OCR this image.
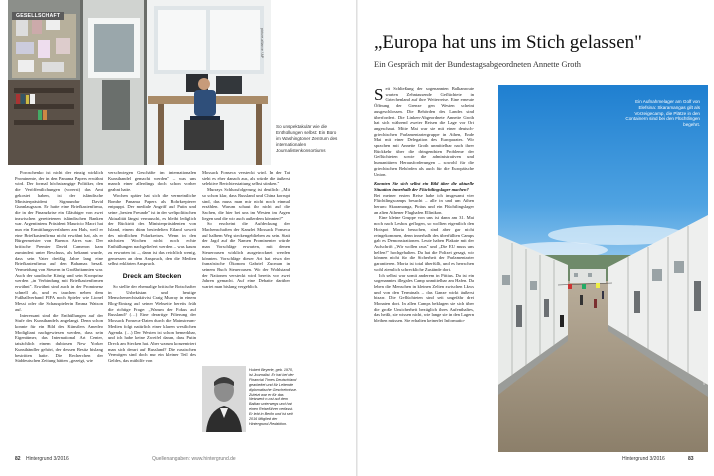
GESELLSCHAFT
picture-alliance / AP
So unspektakulär wie die Enthüllungen selbst: Ein Büro im Washingtoner Zentrum des internationalen Journalistenkonsortiums

Poroschenko ist nicht der einzig wirklich Prominente, der in den Panama Papers erwähnt wird. Der formal höchstrangige Politiker, den die Veröffentlichungen (vorerst) das Amt gekostet haben, ist der isländische Ministerpräsident Sigmundur David Gunnlaugsson. Er hatte eine Briefkastenfirma, die in der Finanzkrise ein Gläubiger von zwei inzwischen gerettetenen isländischen Banken war. Argentiniens Präsident Mauricio Macri hat nun ein Ermittlungsverfahren am Hals, weil er eine Briefkastenfirma nicht erwähnt hat, als er Bürgermeister von Buenos Aires war. Der britische Premier David Cameron kam zumindest unter Beschuss, als bekannt wurde, dass sein Vater dreißig Jahre lang eine Briefkastenfirma auf den Bahamas besaß. Vermeidung von Steuern in Großbritannien war. Auch der saudische König und sein Kronprinz werden „in Verbindung mit Briefkastenfirmen erwähnt". Erwähnt sind auch in der Prominenz schnell ab, und es tauchen neben dem Fußballverband FIFA noch Spieler wie Lionel Messi oder die Schauspielerin Emma Watson auf.

Interessant sind die Enthüllungen auf der Stufe des Kunsthandels angelangt. Denn schon konnte für ein Bild des Künstlers Amedeo Modigliani nachgewiesen werden, dass sein Eigentümer, das International Art Center, tatsächlich einem dubiosen New Yorker Kunsthändler gehört, der dessen Besitz bislang bestritten hatte. Die Recherchen der Süddeutschen Zeitung hätten „gezeigt, wie

verschwiegen Geschäfte im internationalen Kunsthandel gemacht werden" – was uns manch einer allerdings doch schon vorher geahnt hatte.

Wochen später hat sich die vermeintliche Bombe Panama Papers als Rohrkrepierer entpuppt. Der mediale Angriff auf Putin und seine „besten Freunde" ist in der weltpolitischen Aktualität längst verrauscht, es bleibt lediglich der Rücktritt des Ministerpräsidenten von Island, einem dünn besiedelten Eiland soweit des nördlichen Polarkreises. Wenn in den nächsten Wochen nicht noch echte Enthüllungen nachgeliefert werden – was kaum zu erwarten ist –, dann ist das reichlich wenig, gemessen an dem Anspruch, den die Medien selbst erklärten Anspruch.

Dreck am Stecken

So stellte der ehemalige britische Botschafter in Usbekistan und heutige Menschenrechtsaktivist Craig Murray in einem Blog-Eintrag auf seiner Webseite bereits früh die richtige Frage: „Warum der Fokus auf Russland? (…) Eine derartige Filterung der Mossack Fonseca-Daten durch die Mainstream-Medien folgt natürlich einer klaren westlichen Agenda. (…) Der Westen ist schon bemerkbar, und ich habe keine Zweifel daran, dass Putin Dreck am Stecken hat. Aber warum konzentriert man sich derart auf Russland? Die russischen Vermögen sind doch nur ein kleiner Teil des Geldes, das mithilfe von

Mossack Fonseca versteckt wird. In der Tat sieht es eher danach aus, als würde die äußerst selektive Berichterstattung selbst stinken."

Murrays Schlussfolgerung ist deutlich: „Mit so schon klar, dass Russland und China korrupt sind, das muss man mir nicht noch einmal erzählen. Warum schaut ihr nicht auf die Sachen, die hier bei uns im Westen im Argen liegen und die wir auch außerdem könnten?"

So erscheint die Aufdeckung der Machenschaften der Kanzlei Mossack Fonseca auf halbem Weg steckengeblieben zu sein. Statt der Jagd auf die Namen Prominenter würde man Vorschläge erwarten, mit denen Steueroasen wirklich ausgetrocknet werden könnten. Vorschläge dieser Art hat etwa der französische Ökonom Gabriel Zucman in seinem Buch Steueroasen. Wo der Wohlstand der Nationen versteckt wird bereits vor zwei Jahren gemacht. Auf eine Debatte darüber wartet man bislang vergeblich.

Hubert Beyerle, geb. 1970, ist Journalist. Er hat bei der Financial Times Deutschland gearbeitet und für Leitende diplomatische Geschehnisse. Zuletzt war er für das Netzwerk n-ost auf dem Balkan unterwegs und hat einen Reiseführer verfasst. Er lebt in Berlin und ist seit 2016 Mitglied der Hintergrund-Redaktion.
82 Hintergrund 3/2016	Quellenangaben: www.hintergrund.de
„Europa hat uns im Stich gelassen"
Ein Gespräch mit der Bundestagsabgeordneten Annette Groth
S eit Schließung der sogenannten Balkanroute warten Zehntausende Geflüchtete in Griechenland auf ihre Weiterreise. Eine erneute Öffnung der Grenze gen Westen scheint ausgeschlossen. Die Behörden des Landes sind überfordert. Die Linken-Abgeordnete Annette Groth hat sich während zweier Reisen die Lage vor Ort angeschaut. Mitte Mai war sie mit einer deutsch-griechischen Parlamentariergruppe in Athen, Ende Mai mit einer Delegation des Europarates. Wir sprachen mit Annette Groth unmittelbar nach ihrer Rückkehr über die dringendsten Probleme der Geflüchteten sowie die administrativen und humanitären Herausforderungen – sowohl für die griechischen Behörden als auch für die Europäische Union.

Konnten Sie sich selbst ein Bild über die aktuelle Situation innerhalb der Flüchtlingslager machen?

Bei meiner ersten Reise habe ich insgesamt vier Flüchtlingscamps besucht – alle in und um Athen herum: Skaramanga, Piräus und ein Flüchtlingslager an alten Athener Flughafen Ellinikon.

Eine kleine Gruppe von uns ist dann am 31. Mai noch nach Lesbos geflogen, so wollten eigentlich den Hotspot Moria besuchen, sind aber gar nicht reingekommen, denn innerhalb des überfüllten Camps gab es Demonstrationen. Leute haben Plakate mit der Aufschrift „Wir wollen raus" und „Die EU muss uns helfen!" hochgehalten. Da hat die Polizei gesagt, wir können nicht für die Sicherheit der Parlamentarier garantieren. Moria ist total überfüllt, und es herrschen wohl ziemlich schreckliche Zustände dort.

Ich selbst war somit anderem in Pittius. Da ist ein sogenanntes illegales Camp unmittelbar am Hafen. Da leben die Menschen in kleinen Zelten zwischen Lkws und von den Terminals – das Ganze wirkt äußerst bizarr. Die Geflüchteten sind seit ungefähr drei Monaten dort. In allen Camps beklagen sie sich über die große Unsicherheit bezüglich ihres Aufenthaltes, das heißt, sie wissen nicht, wie lange sie in den Lagern bleiben müssen. Sie erhalten keinerlei Informatio-

Ein Aufnahmelager am Golf von Elefsina: Skaramangas gilt als Vorzeigecamp, die Plätze in den Containern sind bei den Flüchtlingen begehrt.
Annette Groth
Hintergrund 3/2016	83
